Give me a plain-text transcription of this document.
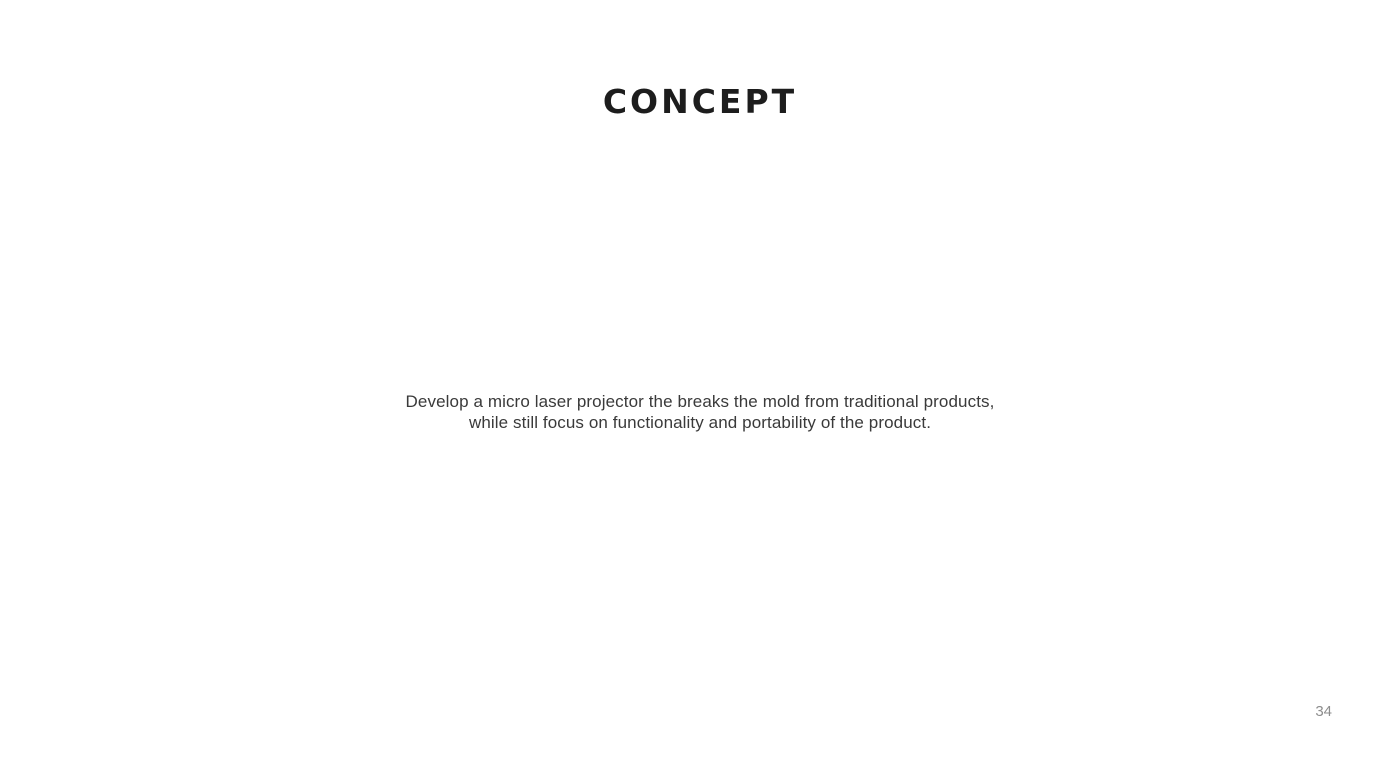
CONCEPT
Develop a micro laser projector the breaks the mold from traditional products,
while still focus on functionality and portability of the product.
34
